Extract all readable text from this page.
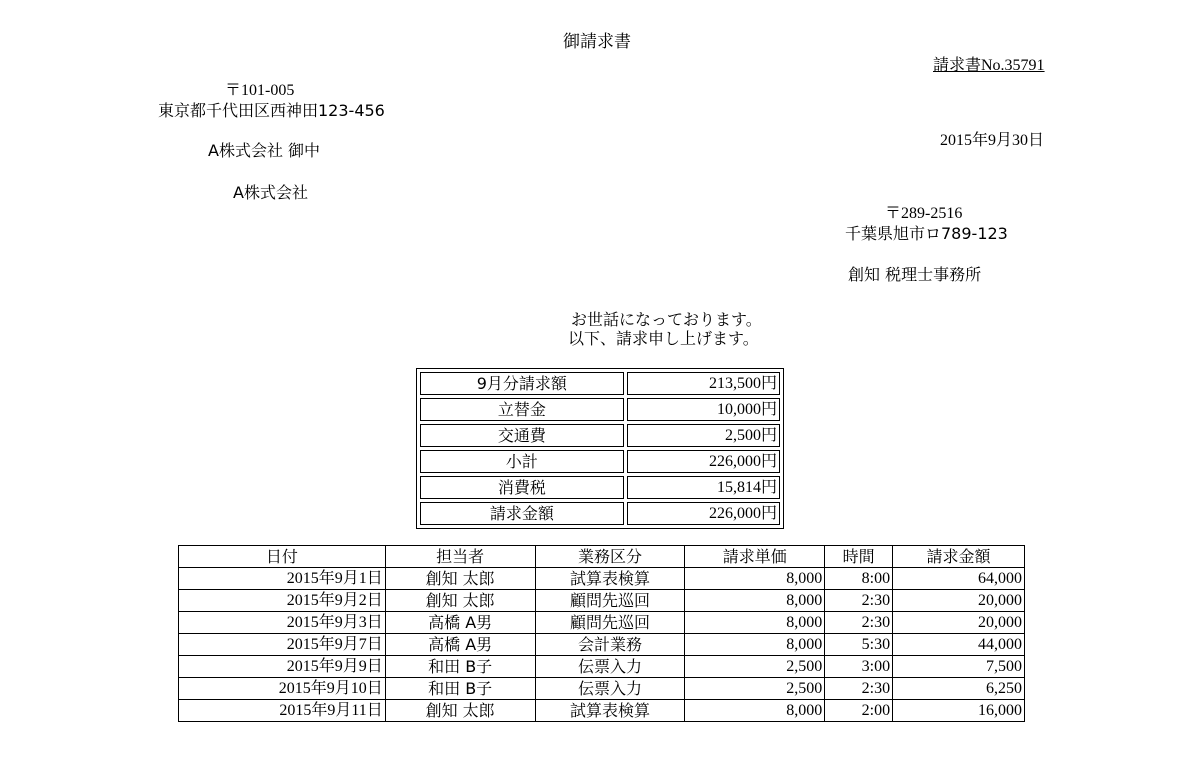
御請求書
請求書No.35791
〒101-005
東京都千代田区西神田123-456
A株式会社 御中
A株式会社
2015年9月30日
〒289-2516
千葉県旭市ロ789-123
創知 税理士事務所
お世話になっております。
以下、請求申し上げます。
9月分請求額	213,500円
立替金	10,000円
交通費	2,500円
小計	226,000円
消費税	15,814円
請求金額	226,000円
日付	担当者	業務区分	請求単価	時間	請求金額
2015年9月1日	創知 太郎	試算表検算	8,000	8:00	64,000
2015年9月2日	創知 太郎	顧問先巡回	8,000	2:30	20,000
2015年9月3日	高橋 A男	顧問先巡回	8,000	2:30	20,000
2015年9月7日	高橋 A男	会計業務	8,000	5:30	44,000
2015年9月9日	和田 B子	伝票入力	2,500	3:00	7,500
2015年9月10日	和田 B子	伝票入力	2,500	2:30	6,250
2015年9月11日	創知 太郎	試算表検算	8,000	2:00	16,000
